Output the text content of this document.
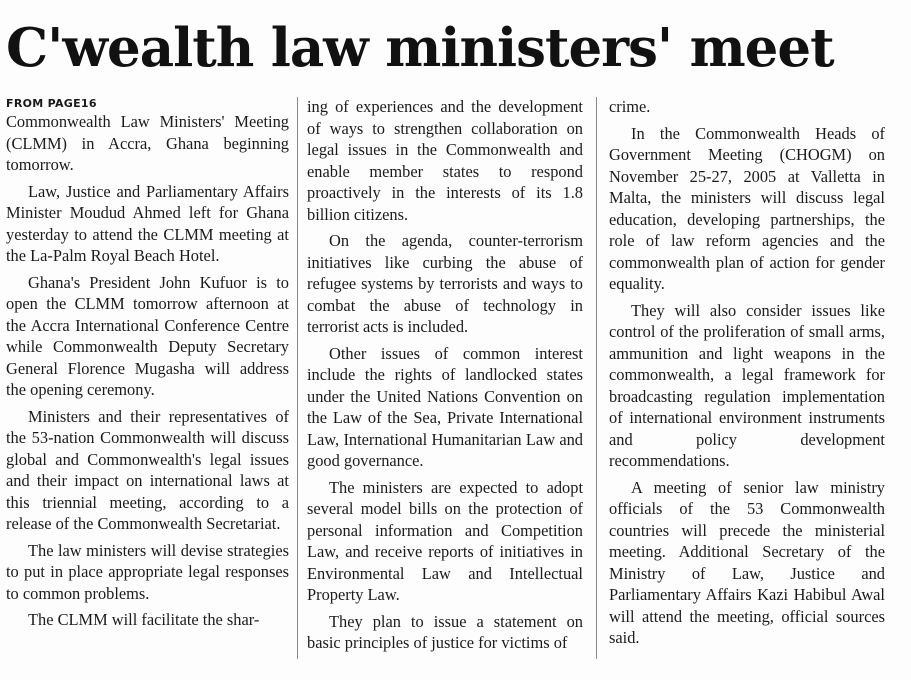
C'wealth law ministers' meet
FROM PAGE16

Commonwealth Law Ministers' Meeting (CLMM) in Accra, Ghana beginning tomorrow.

Law, Justice and Parliamentary Affairs Minister Moudud Ahmed left for Ghana yesterday to attend the CLMM meeting at the La-Palm Royal Beach Hotel.

Ghana's President John Kufuor is to open the CLMM tomorrow afternoon at the Accra International Conference Centre while Commonwealth Deputy Secretary General Florence Mugasha will address the opening ceremony.

Ministers and their representatives of the 53-nation Commonwealth will discuss global and Commonwealth's legal issues and their impact on international laws at this triennial meeting, according to a release of the Commonwealth Secretariat.

The law ministers will devise strategies to put in place appropriate legal responses to common problems.

The CLMM will facilitate the shar-

ing of experiences and the development of ways to strengthen collaboration on legal issues in the Commonwealth and enable member states to respond proactively in the interests of its 1.8 billion citizens.

On the agenda, counter-terrorism initiatives like curbing the abuse of refugee systems by terrorists and ways to combat the abuse of technology in terrorist acts is included.

Other issues of common interest include the rights of landlocked states under the United Nations Convention on the Law of the Sea, Private International Law, International Humanitarian Law and good governance.

The ministers are expected to adopt several model bills on the protection of personal information and Competition Law, and receive reports of initiatives in Environmental Law and Intellectual Property Law.

They plan to issue a statement on basic principles of justice for victims of

crime.

In the Commonwealth Heads of Government Meeting (CHOGM) on November 25-27, 2005 at Valletta in Malta, the ministers will discuss legal education, developing partnerships, the role of law reform agencies and the commonwealth plan of action for gender equality.

They will also consider issues like control of the proliferation of small arms, ammunition and light weapons in the commonwealth, a legal framework for broadcasting regulation implementation of international environment instruments and policy development recommendations.

A meeting of senior law ministry officials of the 53 Commonwealth countries will precede the ministerial meeting. Additional Secretary of the Ministry of Law, Justice and Parliamentary Affairs Kazi Habibul Awal will attend the meeting, official sources said.
